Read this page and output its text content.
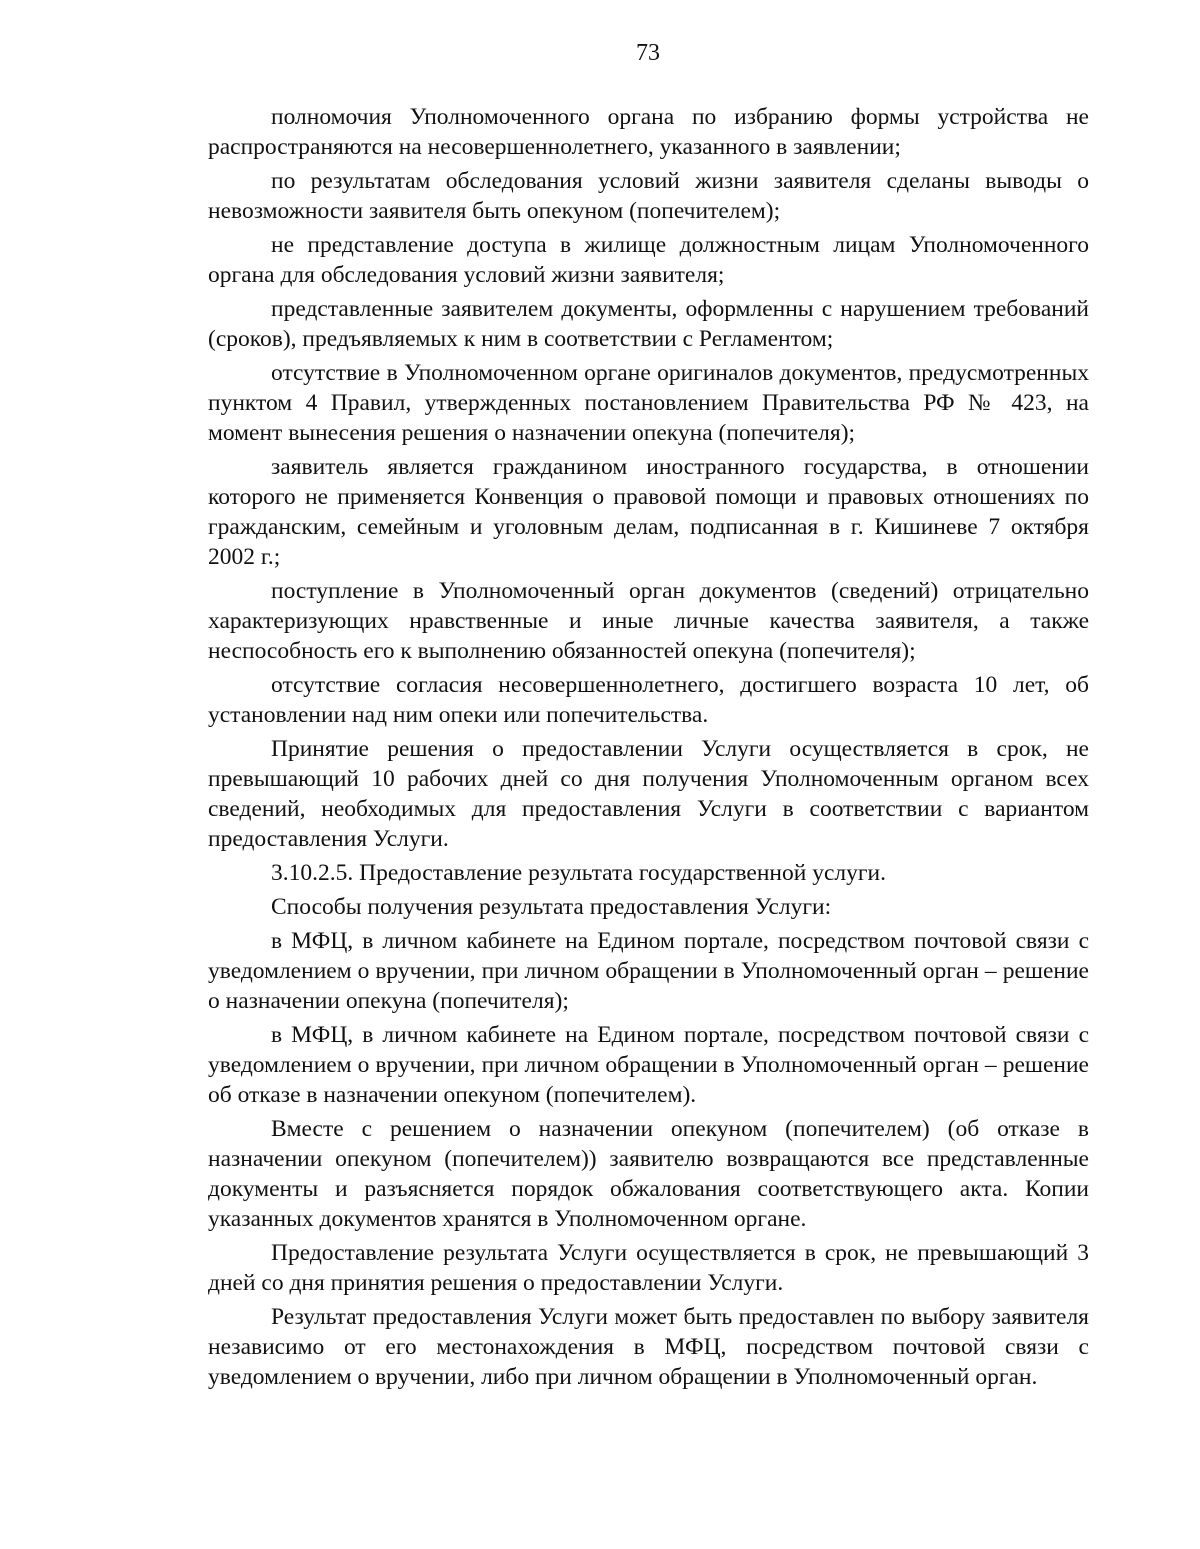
73

полномочия Уполномоченного органа по избранию формы устройства не распространяются на несовершеннолетнего, указанного в заявлении;

по результатам обследования условий жизни заявителя сделаны выводы о невозможности заявителя быть опекуном (попечителем);

не представление доступа в жилище должностным лицам Уполномоченного органа для обследования условий жизни заявителя;

представленные заявителем документы, оформленны с нарушением требований (сроков), предъявляемых к ним в соответствии с Регламентом;

отсутствие в Уполномоченном органе оригиналов документов, предусмотренных пунктом 4 Правил, утвержденных постановлением Правительства РФ № 423, на момент вынесения решения о назначении опекуна (попечителя);

заявитель является гражданином иностранного государства, в отношении которого не применяется Конвенция о правовой помощи и правовых отношениях по гражданским, семейным и уголовным делам, подписанная в г. Кишиневе 7 октября 2002 г.;

поступление в Уполномоченный орган документов (сведений) отрицательно характеризующих нравственные и иные личные качества заявителя, а также неспособность его к выполнению обязанностей опекуна (попечителя);

отсутствие согласия несовершеннолетнего, достигшего возраста 10 лет, об установлении над ним опеки или попечительства.

Принятие решения о предоставлении Услуги осуществляется в срок, не превышающий 10 рабочих дней со дня получения Уполномоченным органом всех сведений, необходимых для предоставления Услуги в соответствии с вариантом предоставления Услуги.

3.10.2.5. Предоставление результата государственной услуги.

Способы получения результата предоставления Услуги:

в МФЦ, в личном кабинете на Едином портале, посредством почтовой связи с уведомлением о вручении, при личном обращении в Уполномоченный орган – решение о назначении опекуна (попечителя);

в МФЦ, в личном кабинете на Едином портале, посредством почтовой связи с уведомлением о вручении, при личном обращении в Уполномоченный орган – решение об отказе в назначении опекуном (попечителем).

Вместе с решением о назначении опекуном (попечителем) (об отказе в назначении опекуном (попечителем)) заявителю возвращаются все представленные документы и разъясняется порядок обжалования соответствующего акта. Копии указанных документов хранятся в Уполномоченном органе.

Предоставление результата Услуги осуществляется в срок, не превышающий 3 дней со дня принятия решения о предоставлении Услуги.

Результат предоставления Услуги может быть предоставлен по выбору заявителя независимо от его местонахождения в МФЦ, посредством почтовой связи с уведомлением о вручении, либо при личном обращении в Уполномоченный орган.
